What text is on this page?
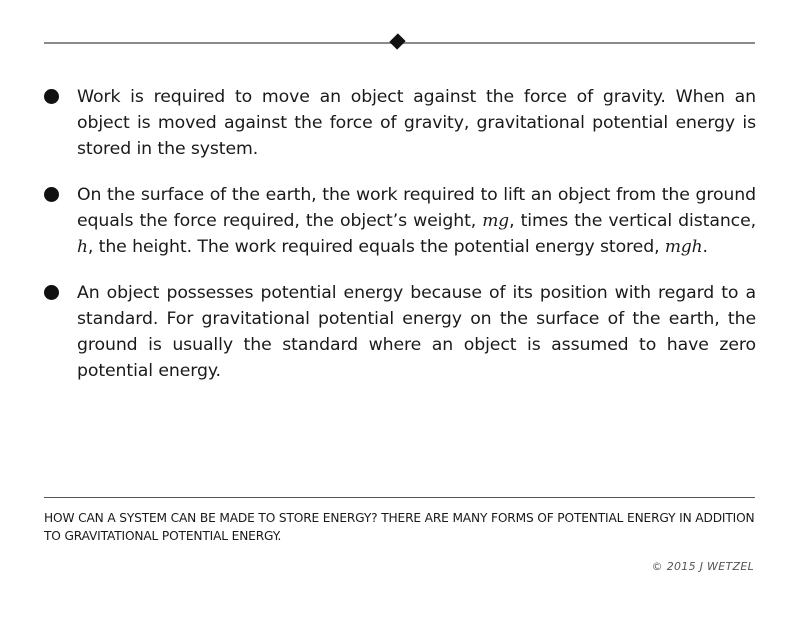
Work is required to move an object against the force of gravity. When an object is moved against the force of gravity, gravitational potential energy is stored in the system.
On the surface of the earth, the work required to lift an object from the ground equals the force required, the object’s weight, mg, times the vertical distance, h, the height. The work required equals the potential energy stored, mgh.
An object possesses potential energy because of its position with regard to a standard. For gravitational potential energy on the surface of the earth, the ground is usually the standard where an object is assumed to have zero potential energy.
HOW CAN A SYSTEM CAN BE MADE TO STORE ENERGY? THERE ARE MANY FORMS OF POTENTIAL ENERGY IN ADDITION TO GRAVITATIONAL POTENTIAL ENERGY.
© 2015 J WETZEL
